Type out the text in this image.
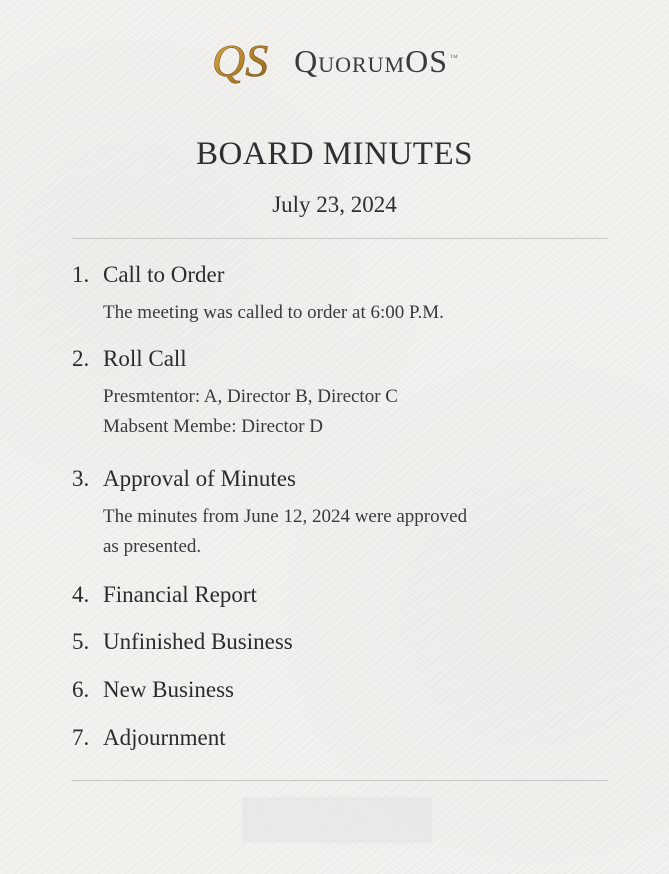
QS QuorumOS ™
BOARD MINUTES
July 23, 2024
1. Call to Order
The meeting was called to order at 6:00 P.M.
2. Roll Call
Presmtentor: A, Director B, Director C
Mabsent Membe: Director D
3. Approval of Minutes
The minutes from June 12, 2024 were approved
as presented.
4. Financial Report
5. Unfinished Business
6. New Business
7. Adjournment
